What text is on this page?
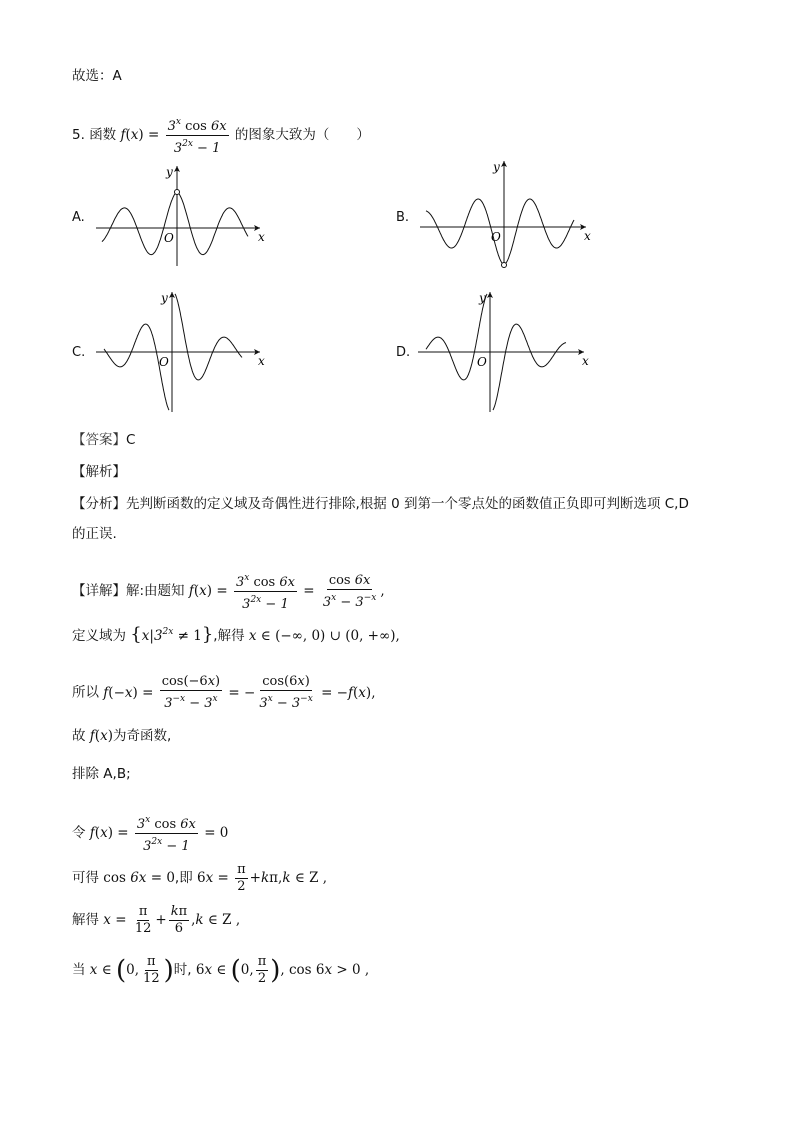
故选：A
5. 函数 $f(x) = \frac{3^x \cos 6x}{3^{2x} - 1}$ 的图象大致为（　　）
A.
x
y
O
B.
x
y
O
C.
x
y
O
D.
x
y
O
【答案】C
【解析】
【分析】先判断函数的定义域及奇偶性进行排除,根据 0 到第一个零点处的函数值正负即可判断选项 C,D
的正误.
【详解】解:由题知 $f(x) = \frac{3^x \cos 6x}{3^{2x} - 1} = \frac{\cos 6x}{3^x - 3^{-x}}$ ,
定义域为 $\{x|3^{2x} \ne 1\}$,解得 x ∈ (−∞, 0) ∪ (0, +∞),
所以 $f(-x) = \frac{\cos(-6x)}{3^{-x} - 3^x}$ = − $\frac{\cos(6x)}{3^x - 3^{-x}} = -f(x)$,
故 f(x)为奇函数,
排除 A,B;
令 $f(x) = \frac{3^x \cos 6x}{3^{2x} - 1} = 0$
可得 cos 6x = 0,即 $6x = \frac{\pi}{2} +k\pi,k$ ∈ Z ,
解得 $x = \frac{\pi}{12} + \frac{k\pi}{6} ,k$ ∈ Z ,
当 x ∈ (0, $\frac{\pi}{12}$ )时, 6x ∈ (0, $\frac{\pi}{2}$ ), cos 6x > 0 ,
